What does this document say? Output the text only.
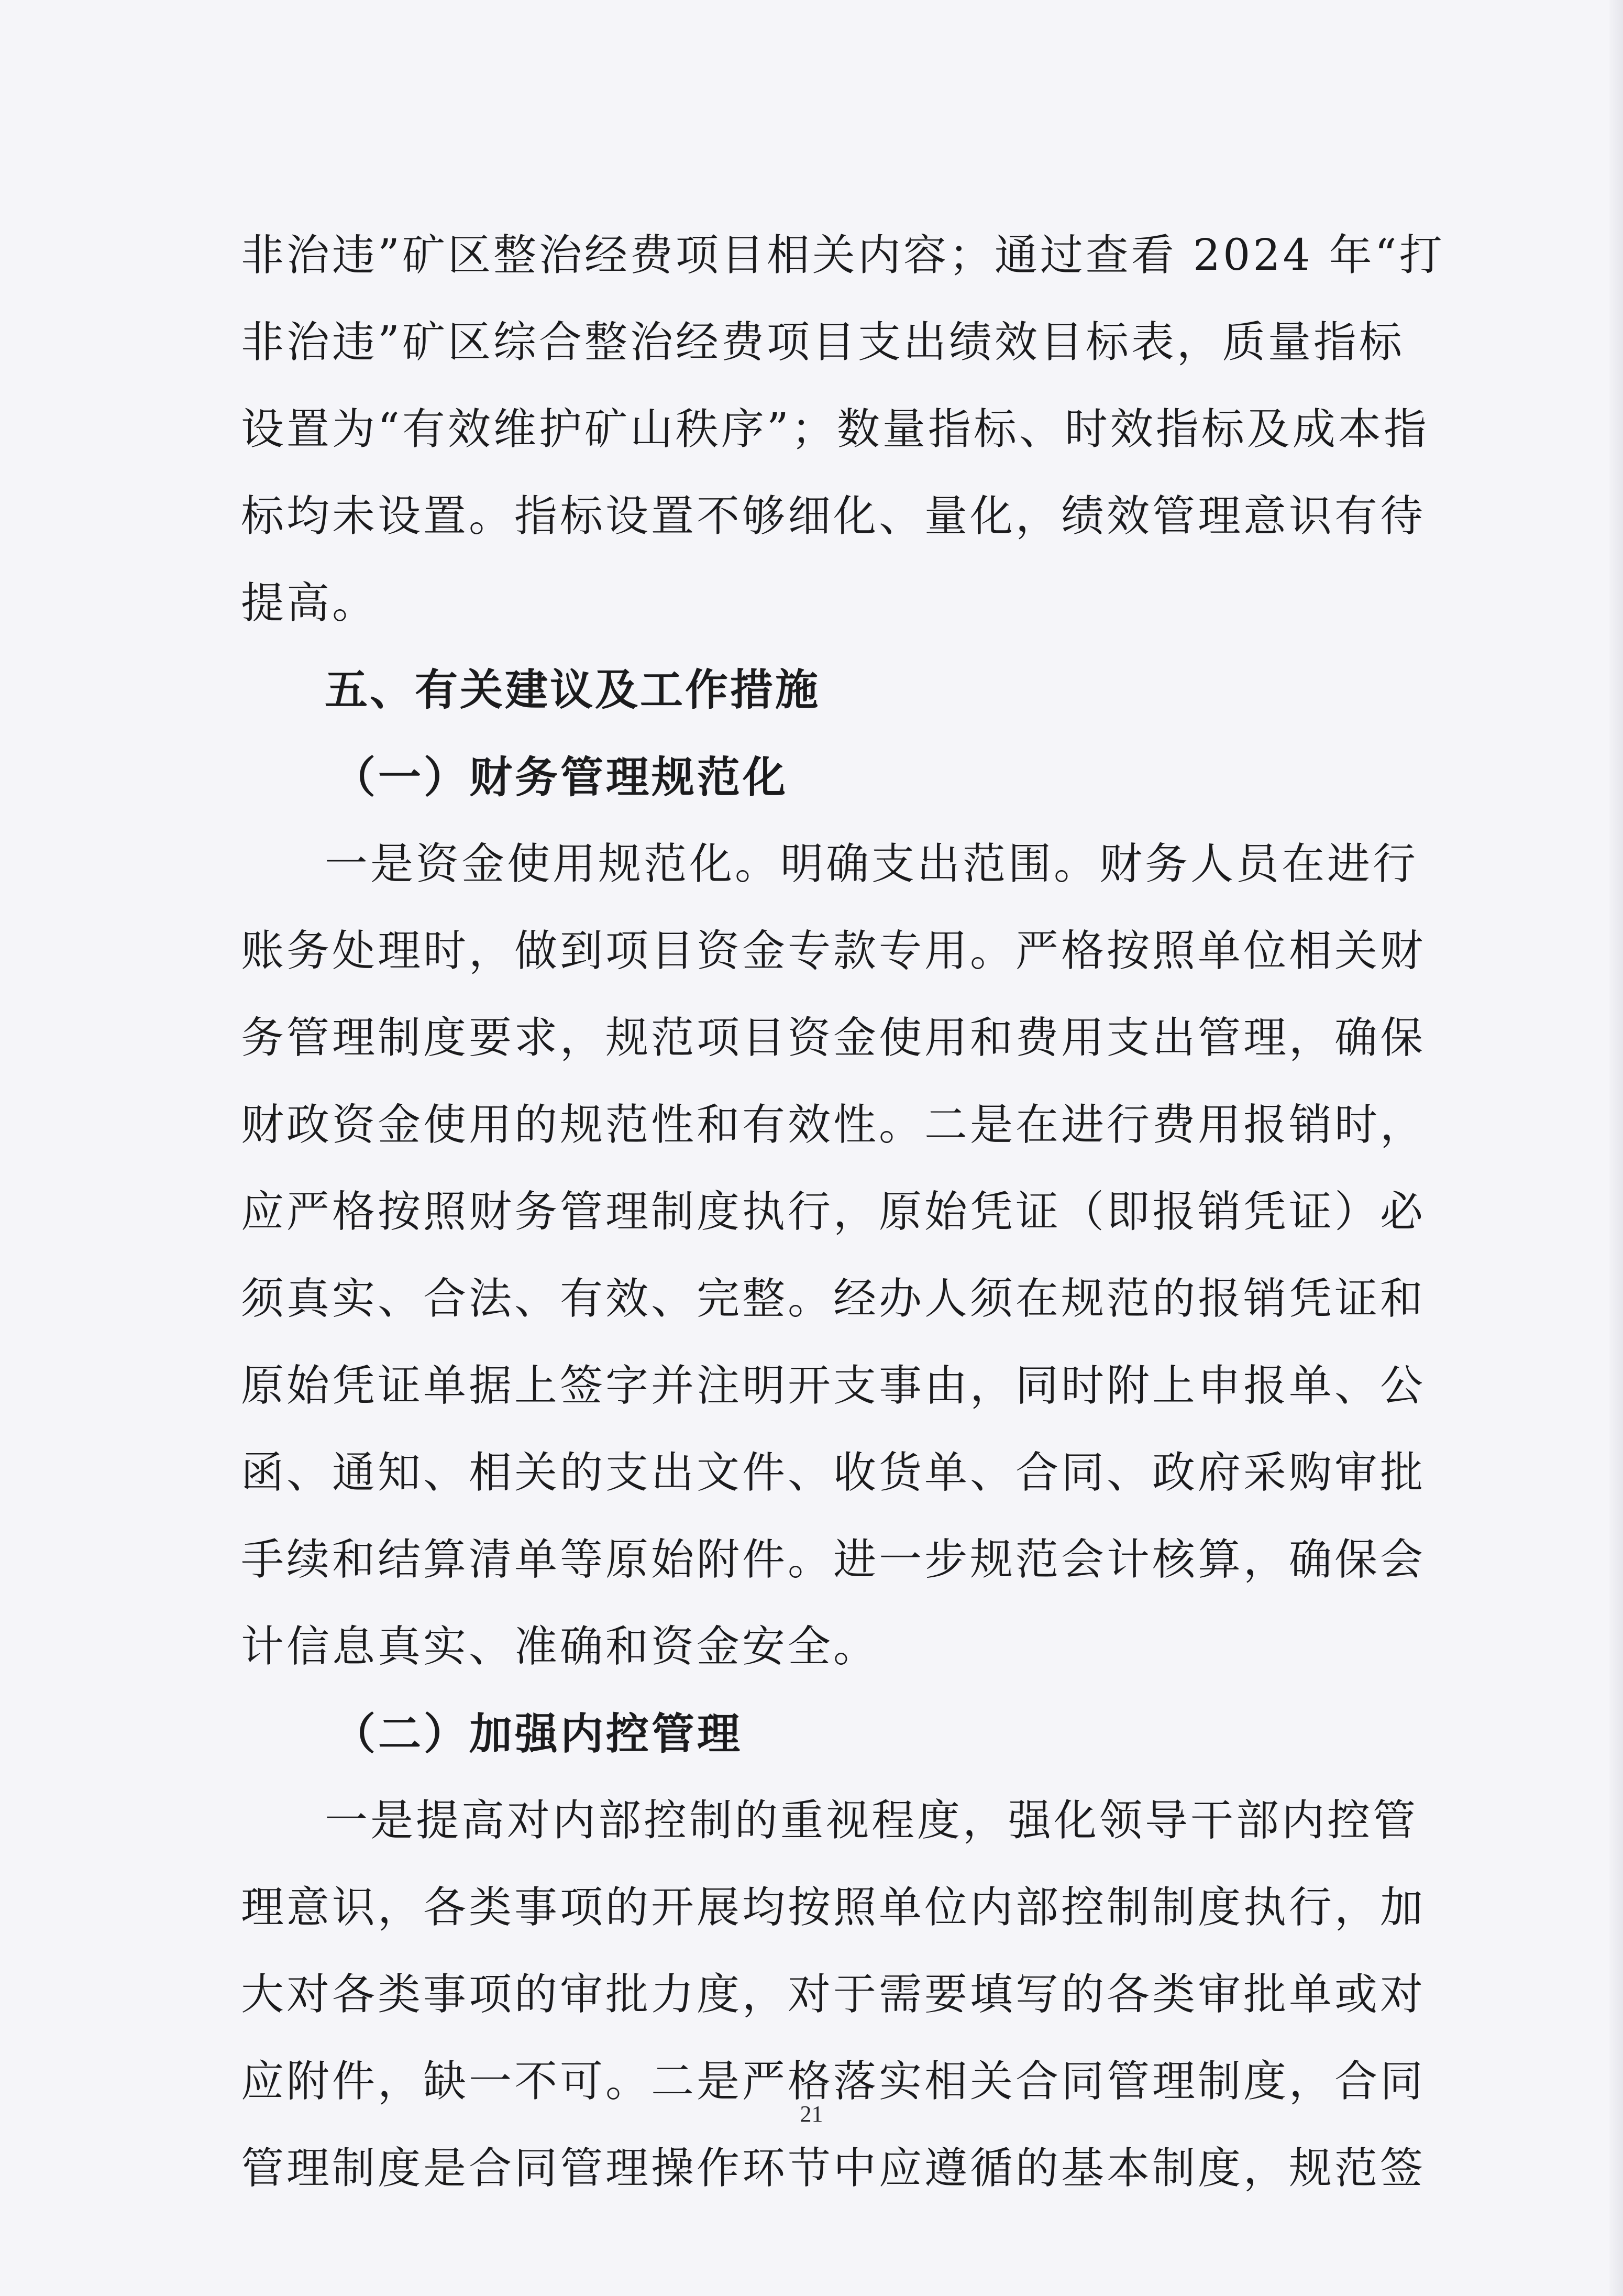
非治违”矿区整治经费项目相关内容；通过查看 2024 年“打
非治违”矿区综合整治经费项目支出绩效目标表，质量指标
设置为“有效维护矿山秩序”；数量指标、时效指标及成本指
标均未设置。指标设置不够细化、量化，绩效管理意识有待
提高。
五、有关建议及工作措施
（一）财务管理规范化
一是资金使用规范化。明确支出范围。财务人员在进行
账务处理时，做到项目资金专款专用。严格按照单位相关财
务管理制度要求，规范项目资金使用和费用支出管理，确保
财政资金使用的规范性和有效性。二是在进行费用报销时，
应严格按照财务管理制度执行，原始凭证（即报销凭证）必
须真实、合法、有效、完整。经办人须在规范的报销凭证和
原始凭证单据上签字并注明开支事由，同时附上申报单、公
函、通知、相关的支出文件、收货单、合同、政府采购审批
手续和结算清单等原始附件。进一步规范会计核算，确保会
计信息真实、准确和资金安全。
（二）加强内控管理
一是提高对内部控制的重视程度，强化领导干部内控管
理意识，各类事项的开展均按照单位内部控制制度执行，加
大对各类事项的审批力度，对于需要填写的各类审批单或对
应附件，缺一不可。二是严格落实相关合同管理制度，合同
管理制度是合同管理操作环节中应遵循的基本制度，规范签
21
